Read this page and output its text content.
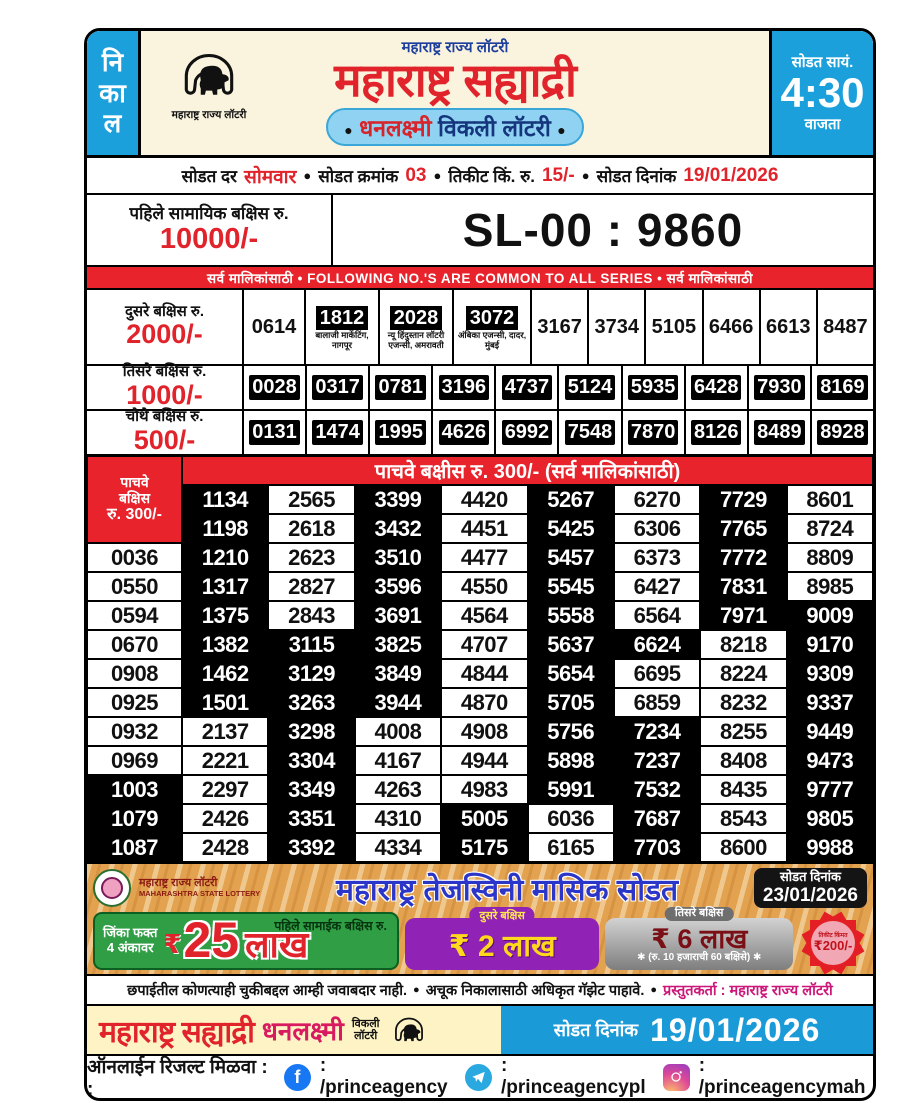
नि
का
ल	महाराष्ट्र राज्य लॉटरी
महाराष्ट्र राज्य लॉटरी
महाराष्ट्र सह्याद्री
● धनलक्ष्मी विकली लॉटरी ●
सोडत सायं.
4:30
वाजता
सोडत दर सोमवार ● सोडत क्रमांक 03 ● तिकीट किं. रु. 15/- ● सोडत दिनांक 19/01/2026
पहिले सामायिक बक्षिस रु.
10000/-	SL-00 : 9860
सर्व मालिकांसाठी • FOLLOWING NO.'S ARE COMMON TO ALL SERIES • सर्व मालिकांसाठी
दुसरे बक्षिस रु.
2000/- 0614 1812
बालाजी मार्केटिंग, नागपूर
2028
न्यू हिंदुस्तान लॉटरी एजन्सी, अमरावती
3072
अंबिका एजन्सी, दादर, मुंबई
3167 3734 5105 6466 6613 8487
तिसरे बक्षिस रु.
1000/- 0028 0317 0781 3196 4737 5124 5935 6428 7930 8169
चौथे बक्षिस रु.
500/-	0131 1474 1995 4626 6992 7548 7870 8126 8489 8928
पाचवे
बक्षिस
रु. 300/-
पाचवे बक्षीस रु. 300/- (सर्व मालिकांसाठी)
1134	2565	3399	4420	5267	6270	7729	8601
1198	2618	3432	4451	5425	6306	7765	8724
0036	1210	2623	3510	4477	5457	6373	7772	8809
0550	1317	2827	3596	4550	5545	6427	7831	8985
0594	1375	2843	3691	4564	5558	6564	7971	9009
0670	1382	3115	3825	4707	5637	6624	8218	9170
0908	1462	3129	3849	4844	5654	6695	8224	9309
0925	1501	3263	3944	4870	5705	6859	8232	9337
0932	2137	3298	4008	4908	5756	7234	8255	9449
0969	2221	3304	4167	4944	5898	7237	8408	9473
1003	2297	3349	4263	4983	5991	7532	8435	9777
1079	2426	3351	4310	5005	6036	7687	8543	9805
1087	2428	3392	4334	5175	6165	7703	8600	9988
महाराष्ट्र राज्य लॉटरी
MAHARASHTRA STATE LOTTERY	महाराष्ट्र तेजस्विनी मासिक सोडत	सोडत दिनांक
23/01/2026
जिंका फक्त
4 अंकावर ₹ 25 लाख
पहिले सामाईक बक्षिस रु.
दुसरे बक्षिस
₹ 2 लाख
तिसरे बक्षिस
₹ 6 लाख
✱ (रु. 10 हजाराची 60 बक्षिसे) ✱
तिकीट किंमत
₹200/-
छपाईतील कोणत्याही चुकीबद्दल आम्ही जवाबदार नाही. ● अचूक निकालासाठी अधिकृत गॅझेट पाहावे. ● प्रस्तुतकर्ता : महाराष्ट्र राज्य लॉटरी
महाराष्ट्र सह्याद्री धनलक्ष्मी विकली
लॉटरी	सोडत दिनांक 19/01/2026
ऑनलाईन रिजल्ट मिळवा : :
f
: /princeagency
: /princeagencypl
: /princeagencymah
